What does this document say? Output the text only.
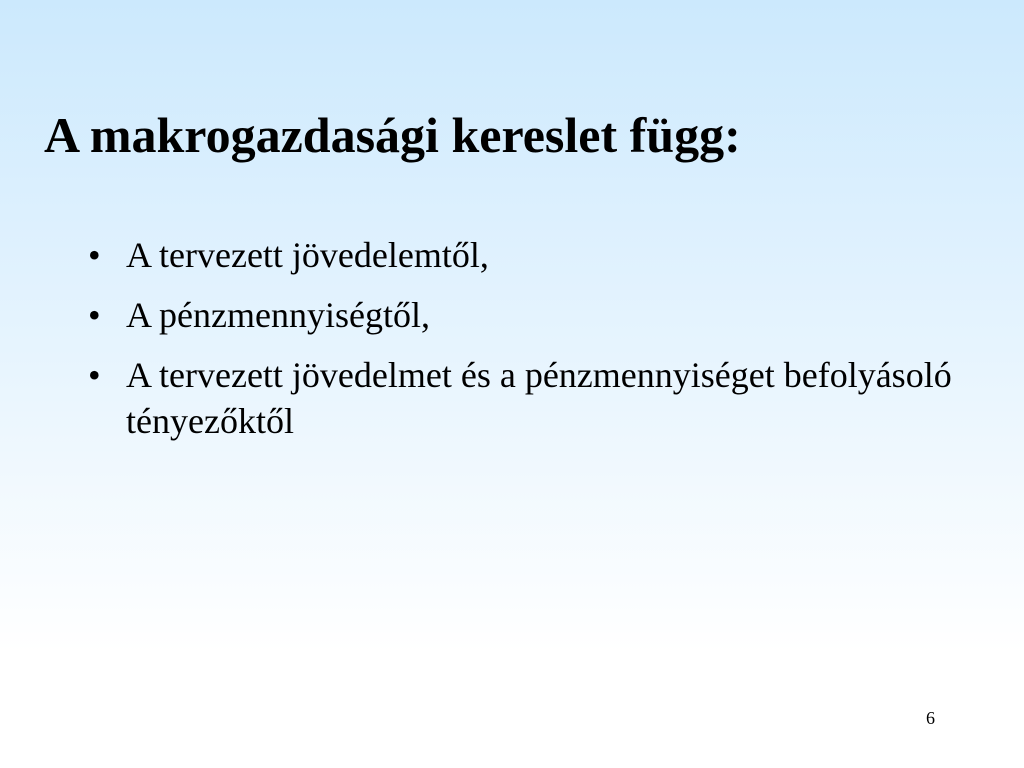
A makrogazdasági kereslet függ:
• A tervezett jövedelemtől,
• A pénzmennyiségtől,
• A tervezett jövedelmet és a pénzmennyiséget befolyásoló tényezőktől
6
